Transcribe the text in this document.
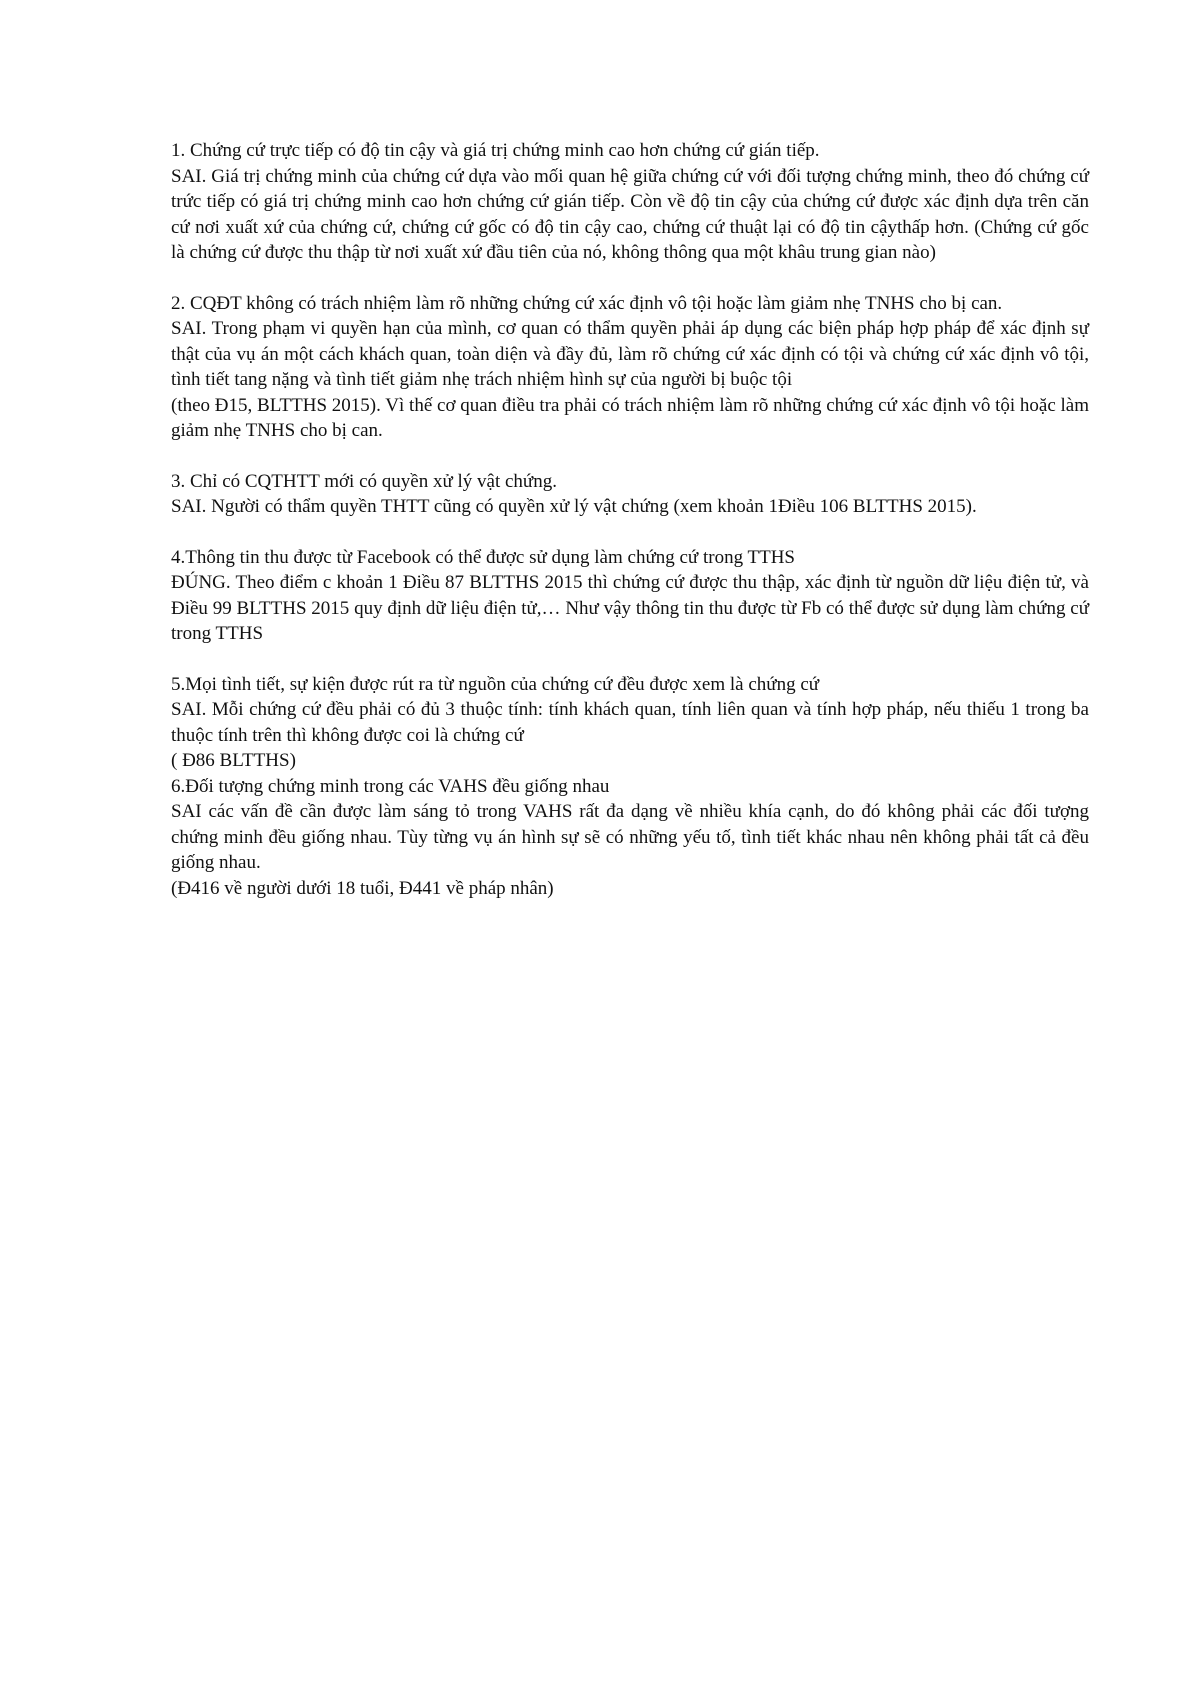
1. Chứng cứ trực tiếp có độ tin cậy và giá trị chứng minh cao hơn chứng cứ gián tiếp.

SAI. Giá trị chứng minh của chứng cứ dựa vào mối quan hệ giữa chứng cứ với đối tượng chứng minh, theo đó chứng cứ trức tiếp có giá trị chứng minh cao hơn chứng cứ gián tiếp. Còn về độ tin cậy của chứng cứ được xác định dựa trên căn cứ nơi xuất xứ của chứng cứ, chứng cứ gốc có độ tin cậy cao, chứng cứ thuật lại có độ tin cậythấp hơn. (Chứng cứ gốc là chứng cứ được thu thập từ nơi xuất xứ đầu tiên của nó, không thông qua một khâu trung gian nào)

2. CQĐT không có trách nhiệm làm rõ những chứng cứ xác định vô tội hoặc làm giảm nhẹ TNHS cho bị can.

SAI. Trong phạm vi quyền hạn của mình, cơ quan có thẩm quyền phải áp dụng các biện pháp hợp pháp để xác định sự thật của vụ án một cách khách quan, toàn diện và đầy đủ, làm rõ chứng cứ xác định có tội và chứng cứ xác định vô tội, tình tiết tang nặng và tình tiết giảm nhẹ trách nhiệm hình sự của người bị buộc tội

(theo Đ15, BLTTHS 2015). Vì thế cơ quan điều tra phải có trách nhiệm làm rõ những chứng cứ xác định vô tội hoặc làm giảm nhẹ TNHS cho bị can.

3. Chỉ có CQTHTT mới có quyền xử lý vật chứng.

SAI. Người có thẩm quyền THTT cũng có quyền xử lý vật chứng (xem khoản 1Điều 106 BLTTHS 2015).

4.Thông tin thu được từ Facebook có thể được sử dụng làm chứng cứ trong TTHS

ĐÚNG. Theo điểm c khoản 1 Điều 87 BLTTHS 2015 thì chứng cứ được thu thập, xác định từ nguồn dữ liệu điện tử, và Điều 99 BLTTHS 2015 quy định dữ liệu điện tử,… Như vậy thông tin thu được từ Fb có thể được sử dụng làm chứng cứ trong TTHS

5.Mọi tình tiết, sự kiện được rút ra từ nguồn của chứng cứ đều được xem là chứng cứ

SAI. Mỗi chứng cứ đều phải có đủ 3 thuộc tính: tính khách quan, tính liên quan và tính hợp pháp, nếu thiếu 1 trong ba thuộc tính trên thì không được coi là chứng cứ

( Đ86 BLTTHS)

6.Đối tượng chứng minh trong các VAHS đều giống nhau

SAI các vấn đề cần được làm sáng tỏ trong VAHS rất đa dạng về nhiều khía cạnh, do đó không phải các đối tượng chứng minh đều giống nhau. Tùy từng vụ án hình sự sẽ có những yếu tố, tình tiết khác nhau nên không phải tất cả đều giống nhau.

(Đ416 về người dưới 18 tuổi, Đ441 về pháp nhân)
